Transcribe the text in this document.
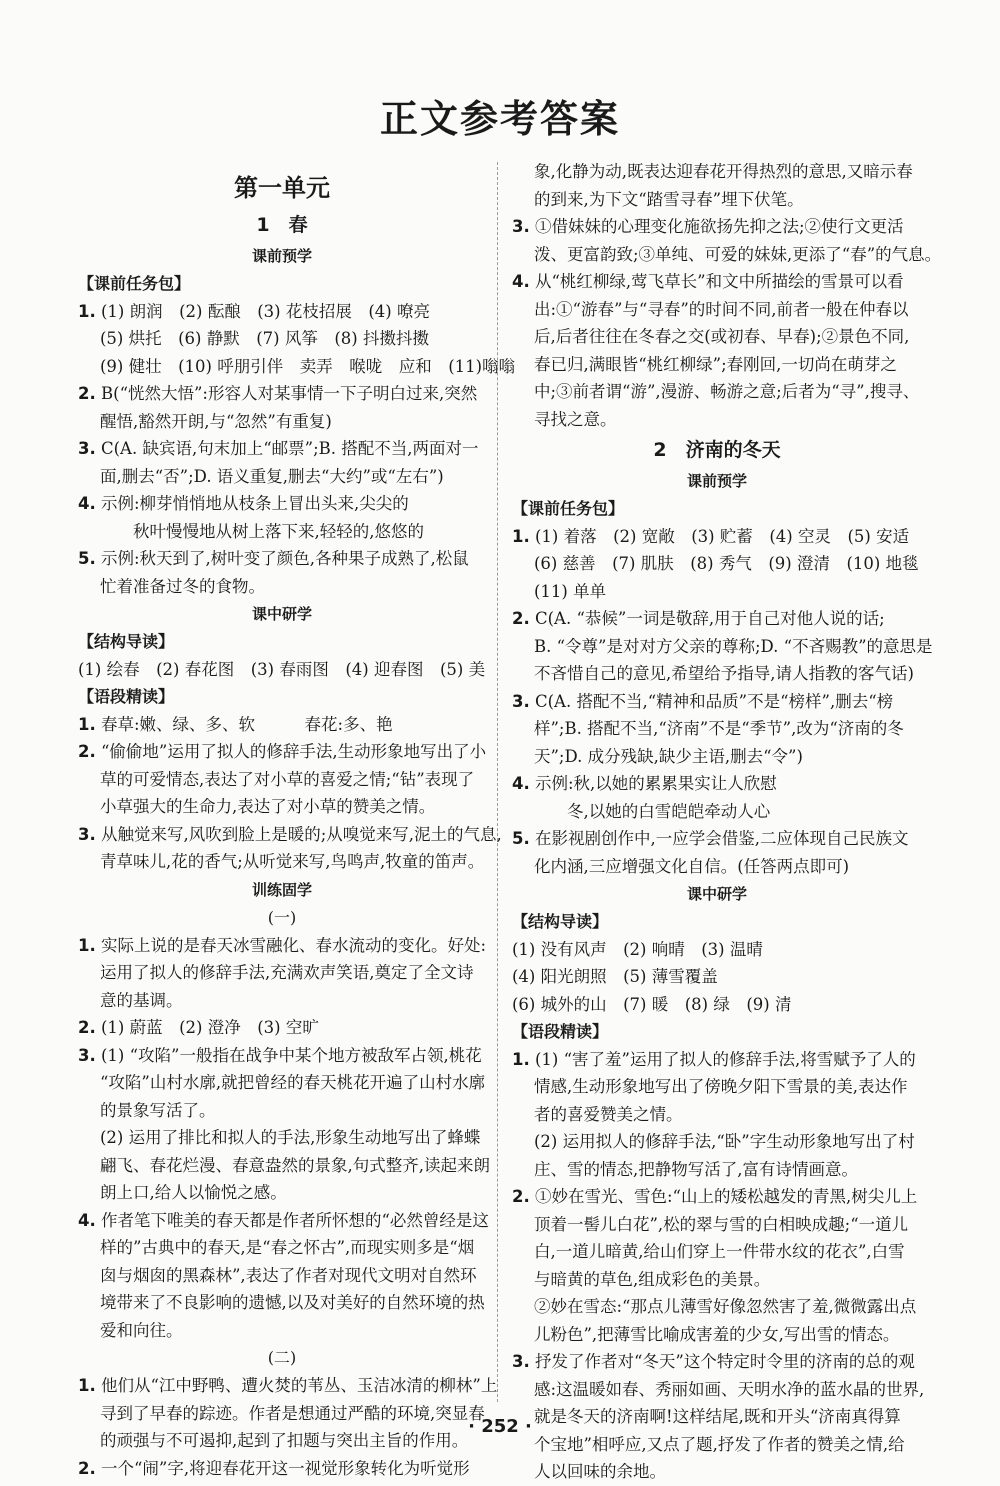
正文参考答案
第一单元
1　春
课前预学
【课前任务包】
1. (1) 朗润　(2) 酝酿　(3) 花枝招展　(4) 嘹亮
(5) 烘托　(6) 静默　(7) 风筝　(8) 抖擞抖擞
(9) 健壮　(10) 呼朋引伴　卖弄　喉咙　应和　(11)嗡嗡
2. B(“恍然大悟”:形容人对某事情一下子明白过来,突然
醒悟,豁然开朗,与“忽然”有重复)
3. C(A. 缺宾语,句末加上“邮票”;B. 搭配不当,两面对一
面,删去“否”;D. 语义重复,删去“大约”或“左右”)
4. 示例:柳芽悄悄地从枝条上冒出头来,尖尖的
　　秋叶慢慢地从树上落下来,轻轻的,悠悠的
5. 示例:秋天到了,树叶变了颜色,各种果子成熟了,松鼠
忙着准备过冬的食物。
课中研学
【结构导读】
(1) 绘春　(2) 春花图　(3) 春雨图　(4) 迎春图　(5) 美
【语段精读】
1. 春草:嫩、绿、多、软　　　春花:多、艳
2. “偷偷地”运用了拟人的修辞手法,生动形象地写出了小
草的可爱情态,表达了对小草的喜爱之情;“钻”表现了
小草强大的生命力,表达了对小草的赞美之情。
3. 从触觉来写,风吹到脸上是暖的;从嗅觉来写,泥土的气息,
青草味儿,花的香气;从听觉来写,鸟鸣声,牧童的笛声。
训练固学
(一)
1. 实际上说的是春天冰雪融化、春水流动的变化。好处:
运用了拟人的修辞手法,充满欢声笑语,奠定了全文诗
意的基调。
2. (1) 蔚蓝　(2) 澄净　(3) 空旷
3. (1) “攻陷”一般指在战争中某个地方被敌军占领,桃花
“攻陷”山村水廓,就把曾经的春天桃花开遍了山村水廓
的景象写活了。
(2) 运用了排比和拟人的手法,形象生动地写出了蜂蝶
翩飞、春花烂漫、春意盎然的景象,句式整齐,读起来朗
朗上口,给人以愉悦之感。
4. 作者笔下唯美的春天都是作者所怀想的“必然曾经是这
样的”古典中的春天,是“春之怀古”,而现实则多是“烟
囱与烟囱的黑森林”,表达了作者对现代文明对自然环
境带来了不良影响的遗憾,以及对美好的自然环境的热
爱和向往。
(二)
1. 他们从“江中野鸭、遭火焚的苇丛、玉洁冰清的柳林”上
寻到了早春的踪迹。作者是想通过严酷的环境,突显春
的顽强与不可遏抑,起到了扣题与突出主旨的作用。
2. 一个“闹”字,将迎春花开这一视觉形象转化为听觉形
象,化静为动,既表达迎春花开得热烈的意思,又暗示春
的到来,为下文“踏雪寻春”埋下伏笔。
3. ①借妹妹的心理变化施欲扬先抑之法;②使行文更活
泼、更富韵致;③单纯、可爱的妹妹,更添了“春”的气息。
4. 从“桃红柳绿,莺飞草长”和文中所描绘的雪景可以看
出:①“游春”与“寻春”的时间不同,前者一般在仲春以
后,后者往往在冬春之交(或初春、早春);②景色不同,
春已归,满眼皆“桃红柳绿”;春刚回,一切尚在萌芽之
中;③前者谓“游”,漫游、畅游之意;后者为“寻”,搜寻、
寻找之意。
2　济南的冬天
课前预学
【课前任务包】
1. (1) 着落　(2) 宽敞　(3) 贮蓄　(4) 空灵　(5) 安适
(6) 慈善　(7) 肌肤　(8) 秀气　(9) 澄清　(10) 地毯
(11) 单单
2. C(A. “恭候”一词是敬辞,用于自己对他人说的话;
B. “令尊”是对对方父亲的尊称;D. “不吝赐教”的意思是
不吝惜自己的意见,希望给予指导,请人指教的客气话)
3. C(A. 搭配不当,“精神和品质”不是“榜样”,删去“榜
样”;B. 搭配不当,“济南”不是“季节”,改为“济南的冬
天”;D. 成分残缺,缺少主语,删去“令”)
4. 示例:秋,以她的累累果实让人欣慰
　　冬,以她的白雪皑皑牵动人心
5. 在影视剧创作中,一应学会借鉴,二应体现自己民族文
化内涵,三应增强文化自信。(任答两点即可)
课中研学
【结构导读】
(1) 没有风声　(2) 响晴　(3) 温晴
(4) 阳光朗照　(5) 薄雪覆盖
(6) 城外的山　(7) 暖　(8) 绿　(9) 清
【语段精读】
1. (1) “害了羞”运用了拟人的修辞手法,将雪赋予了人的
情感,生动形象地写出了傍晚夕阳下雪景的美,表达作
者的喜爱赞美之情。
(2) 运用拟人的修辞手法,“卧”字生动形象地写出了村
庄、雪的情态,把静物写活了,富有诗情画意。
2. ①妙在雪光、雪色:“山上的矮松越发的青黑,树尖儿上
顶着一髻儿白花”,松的翠与雪的白相映成趣;“一道儿
白,一道儿暗黄,给山们穿上一件带水纹的花衣”,白雪
与暗黄的草色,组成彩色的美景。
②妙在雪态:“那点儿薄雪好像忽然害了羞,微微露出点
儿粉色”,把薄雪比喻成害羞的少女,写出雪的情态。
3. 抒发了作者对“冬天”这个特定时令里的济南的总的观
感:这温暖如春、秀丽如画、天明水净的蓝水晶的世界,
就是冬天的济南啊!这样结尾,既和开头“济南真得算
个宝地”相呼应,又点了题,抒发了作者的赞美之情,给
人以回味的余地。
· 252 ·
